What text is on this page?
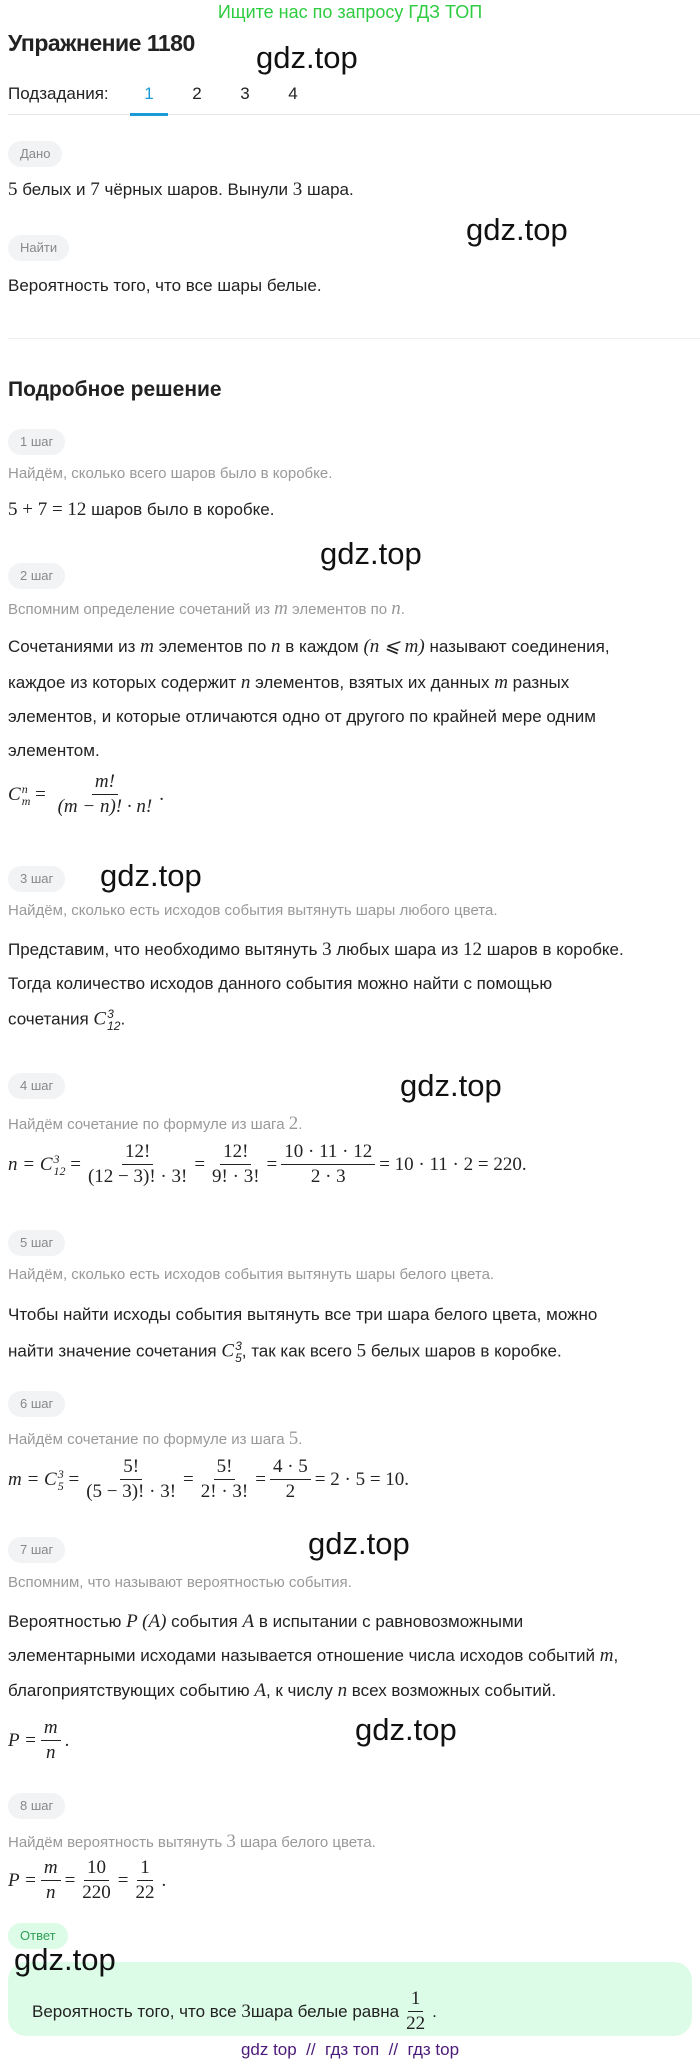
Ищите нас по запросу ГДЗ ТОП
Упражнение 1180 gdz.top
gdz.top
gdz.top
gdz.top
gdz.top
gdz.top
gdz.top
Подзадания:	1	2	3	4
Дано
5 белых и 7 чёрных шаров. Вынули 3 шара.
Найти
Вероятность того, что все шары белые.
Подробное решение
1 шаг
Найдём, сколько всего шаров было в коробке.
5 + 7 = 12 шаров было в коробке.
2 шаг
Вспомним определение сочетаний из m элементов по n.
Сочетаниями из m элементов по n в каждом (n ⩽ m) называют соединения,
каждое из которых содержит n элементов, взятых их данных m разных
элементов, и которые отличаются одно от другого по крайней мере одним
элементом.
C n
$m = \frac{m!}{(m - n)! \cdot n!}$ .
3 шаг
Найдём, сколько есть исходов события вытянуть шары любого цвета.
Представим, что необходимо вытянуть 3 любых шара из 12 шаров в коробке.
Тогда количество исходов данного события можно найти с помощью
сочетания C 3
12 .
4 шаг
Найдём сочетание по формуле из шага 2.
n = C 3
$12 = \frac{12!}{(12 - 3)! \cdot 3!} = \frac{12!}{9! \cdot 3!} = \frac{10 \cdot 11 \cdot 12}{2 \cdot 3} = 10 \cdot 11 \cdot 2 = 220$.
5 шаг
Найдём, сколько есть исходов события вытянуть шары белого цвета.
Чтобы найти исходы события вытянуть все три шара белого цвета, можно
найти значение сочетания C 3
5 , так как всего 5 белых шаров в коробке.
6 шаг
Найдём сочетание по формуле из шага 5.
m = C 3
$5 = \frac{5!}{(5 - 3)! \cdot 3!} = \frac{5!}{2! \cdot 3!} = \frac{4 \cdot 5}{2} = 2 \cdot 5 = 10$.
7 шаг
Вспомним, что называют вероятностью события.
Вероятностью P (A) события A в испытании с равновозможными
элементарными исходами называется отношение числа исходов событий m,
благоприятствующих событию A, к числу n всех возможных событий.
$P = \frac{m}{n}$ .
8 шаг
Найдём вероятность вытянуть 3 шара белого цвета.
$P = \frac{m}{n} = \frac{10}{220} = \frac{1}{22}$ .
Ответ
gdz.top
Вероятность того, что все
3 шара белые равна $\frac{1}{22}$ .
gdz top  //  гдз топ  //  гдз top
